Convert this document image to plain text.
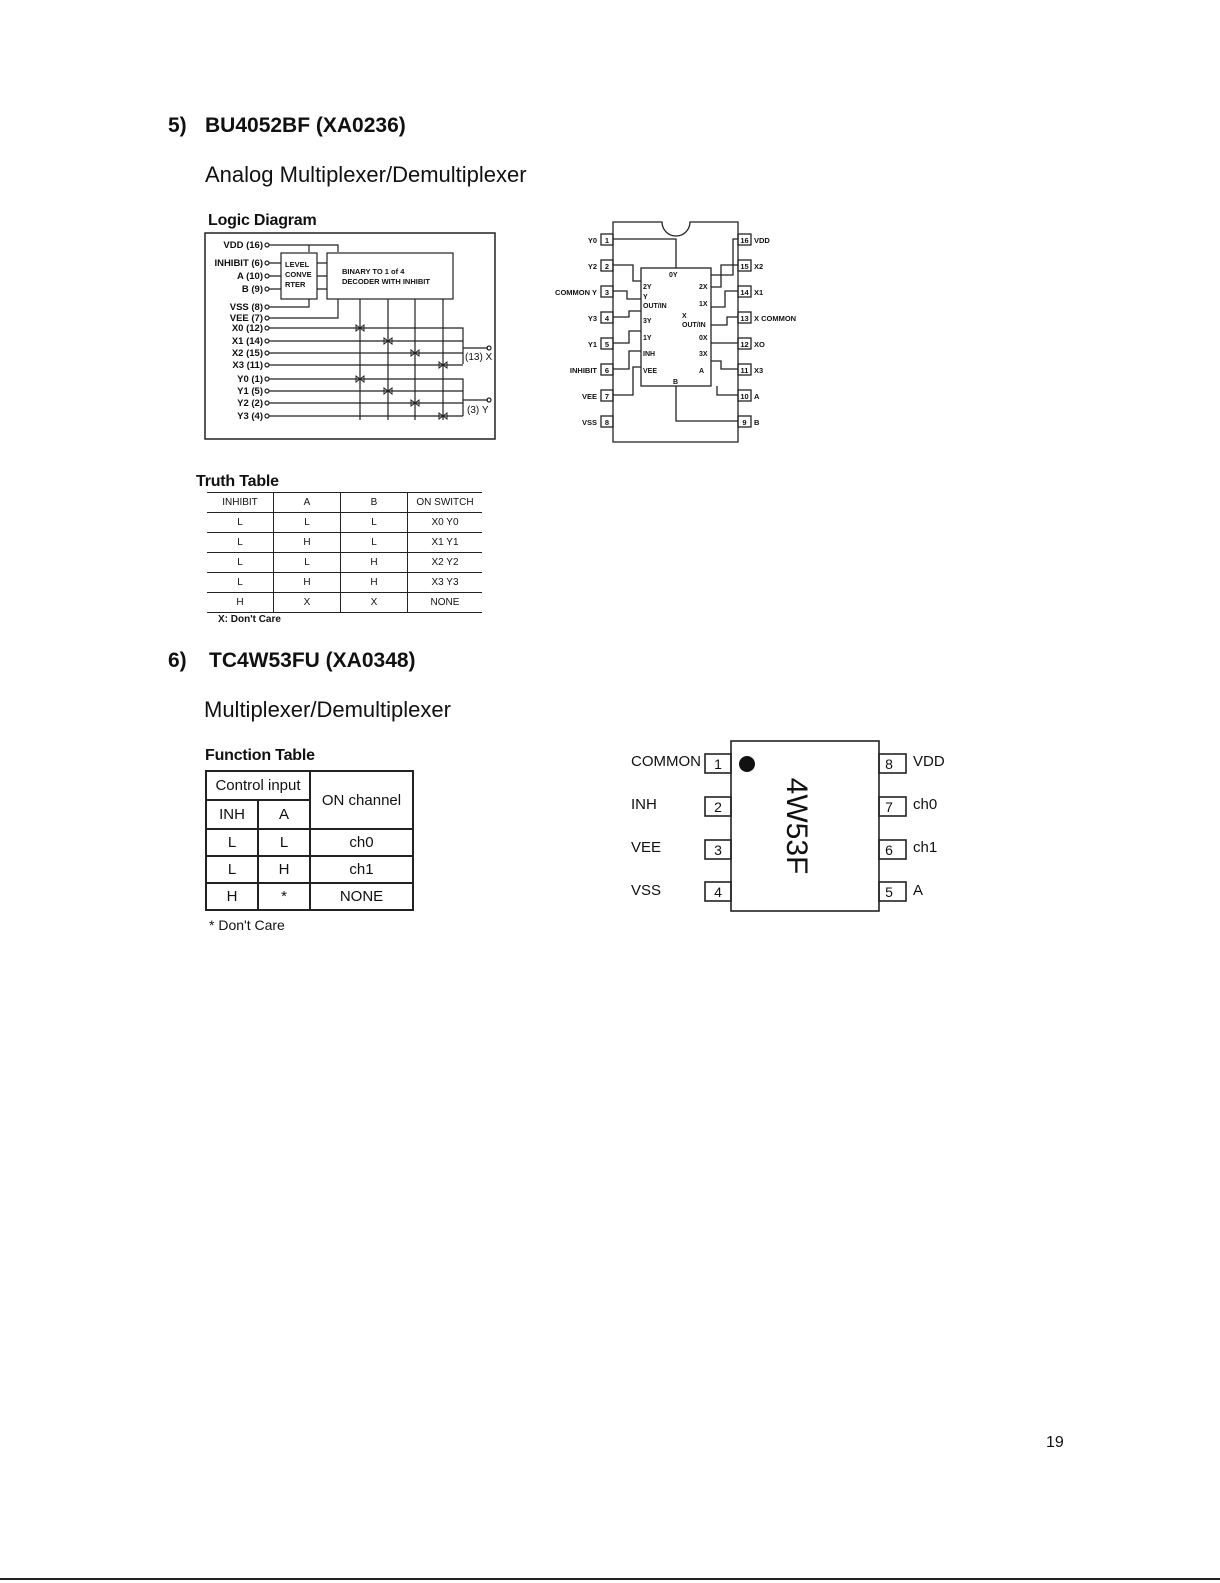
5) BU4052BF (XA0236)
Analog Multiplexer/Demultiplexer
Logic Diagram
VDD (16)
INHIBIT (6)
A (10)
B (9)
VSS (8)
VEE (7)
X0 (12)
X1 (14)
X2 (15)
X3 (11)
Y0 (1)
Y1 (5)
Y2 (2)
Y3 (4)
LEVEL
CONVE
RTER
BINARY TO 1 of 4
DECODER WITH INHIBIT
(13) X
(3) Y
Y0
Y2
COMMON Y
Y3
Y1
INHIBIT
VEE
VSS
1
2
3
4
5
6
7
8
16
15
14
13
12
11
10
9
VDD
X2
X1
X COMMON
XO
X3
A
B
0Y
2Y
Y
OUT/IN
3Y
1Y
INH
VEE
2X
1X
X
OUT/IN
0X
3X
A
B
Truth Table
INHIBIT	A	B	ON SWITCH
L	L	L	X0 Y0
L	H	L	X1 Y1
L	L	H	X2 Y2
L	H	H	X3 Y3
H	X	X	NONE
X: Don't Care
6) TC4W53FU (XA0348)
Multiplexer/Demultiplexer
Function Table
Control input		ON channel
INH	A	
L	L	ch0
L	H	ch1
H	*	NONE
* Don't Care
COMMON
INH
VEE
VSS
VDD
ch0
ch1
A
1
2
3
4
8
7
6
5
4W53F
19
